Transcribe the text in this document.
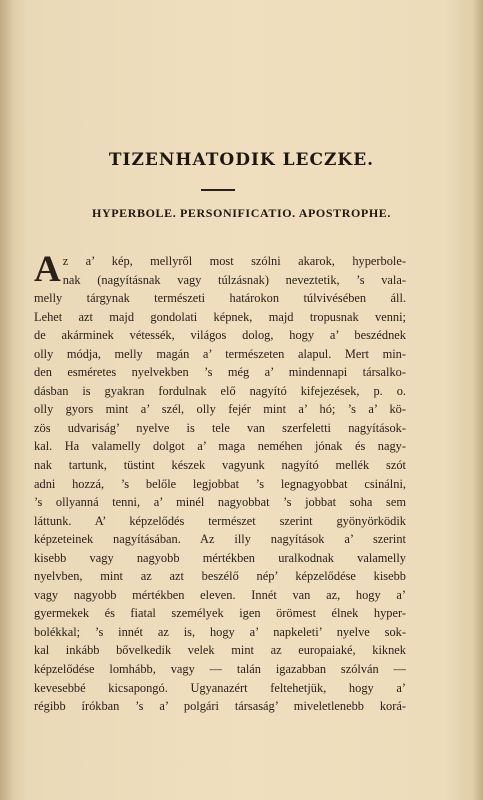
TIZENHATODIK LECZKE.
HYPERBOLE. PERSONIFICATIO. APOSTROPHE.
A z a’ kép, mellyről most szólni akarok, hyperbole-
nak (nagyításnak vagy túlzásnak) neveztetik, ’s vala-
melly tárgynak természeti határokon túlvivésében áll.
Lehet azt majd gondolati képnek, majd tropusnak venni;
de akárminek vétessék, világos dolog, hogy a’ beszédnek
olly módja, melly magán a’ természeten alapul. Mert min-
den esméretes nyelvekben ’s még a’ mindennapi társalko-
dásban is gyakran fordulnak elő nagyító kifejezések, p. o.
olly gyors mint a’ szél, olly fejér mint a’ hó; ’s a’ kö-
zös udvariság’ nyelve is tele van szerfeletti nagyítások-
kal. Ha valamelly dolgot a’ maga neméhen jónak és nagy-
nak tartunk, tüstint készek vagyunk nagyító mellék szót
adni hozzá, ’s belőle legjobbat ’s legnagyobbat csinálni,
’s ollyanná tenni, a’ minél nagyobbat ’s jobbat soha sem
láttunk. A’ képzelődés természet szerint gyönyörködik
képzeteinek nagyításában. Az illy nagyítások a’ szerint
kisebb vagy nagyobb mértékben uralkodnak valamelly
nyelvben, mint az azt beszélő nép’ képzelődése kisebb
vagy nagyobb mértékben eleven. Innét van az, hogy a’
gyermekek és fiatal személyek igen örömest élnek hyper-
bolékkal; ’s innét az is, hogy a’ napkeleti’ nyelve sok-
kal inkább bővelkedik velek mint az europaiaké, kiknek
képzelődése lomhább, vagy — talán igazabban szólván —
kevesebbé kicsapongó. Ugyanazért feltehetjük, hogy a’
régibb írókban ’s a’ polgári társaság’ miveletlenebb korá-
